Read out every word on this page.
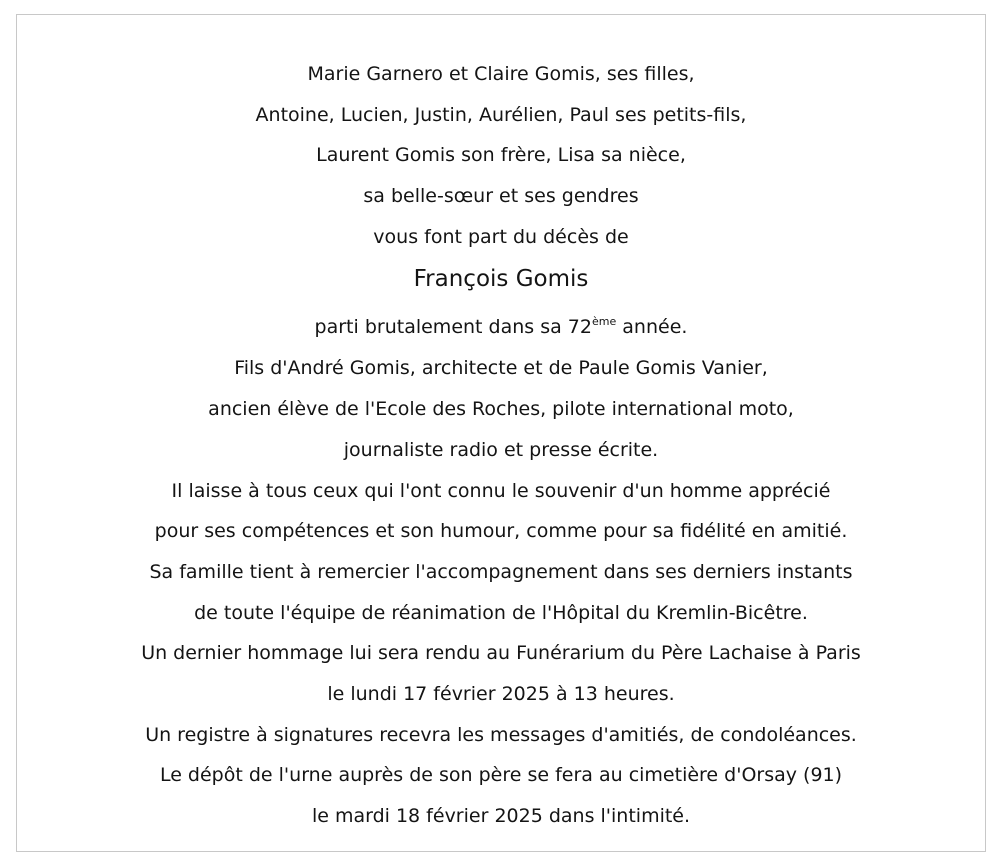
Marie Garnero et Claire Gomis, ses filles,
Antoine, Lucien, Justin, Aurélien, Paul ses petits-fils,
Laurent Gomis son frère, Lisa sa nièce,
sa belle-sœur et ses gendres
vous font part du décès de
François Gomis
parti brutalement dans sa 72ème année.
Fils d'André Gomis, architecte et de Paule Gomis Vanier,
ancien élève de l'Ecole des Roches, pilote international moto,
journaliste radio et presse écrite.
Il laisse à tous ceux qui l'ont connu le souvenir d'un homme apprécié
pour ses compétences et son humour, comme pour sa fidélité en amitié.
Sa famille tient à remercier l'accompagnement dans ses derniers instants
de toute l'équipe de réanimation de l'Hôpital du Kremlin-Bicêtre.
Un dernier hommage lui sera rendu au Funérarium du Père Lachaise à Paris
le lundi 17 février 2025 à 13 heures.
Un registre à signatures recevra les messages d'amitiés, de condoléances.
Le dépôt de l'urne auprès de son père se fera au cimetière d'Orsay (91)
le mardi 18 février 2025 dans l'intimité.
